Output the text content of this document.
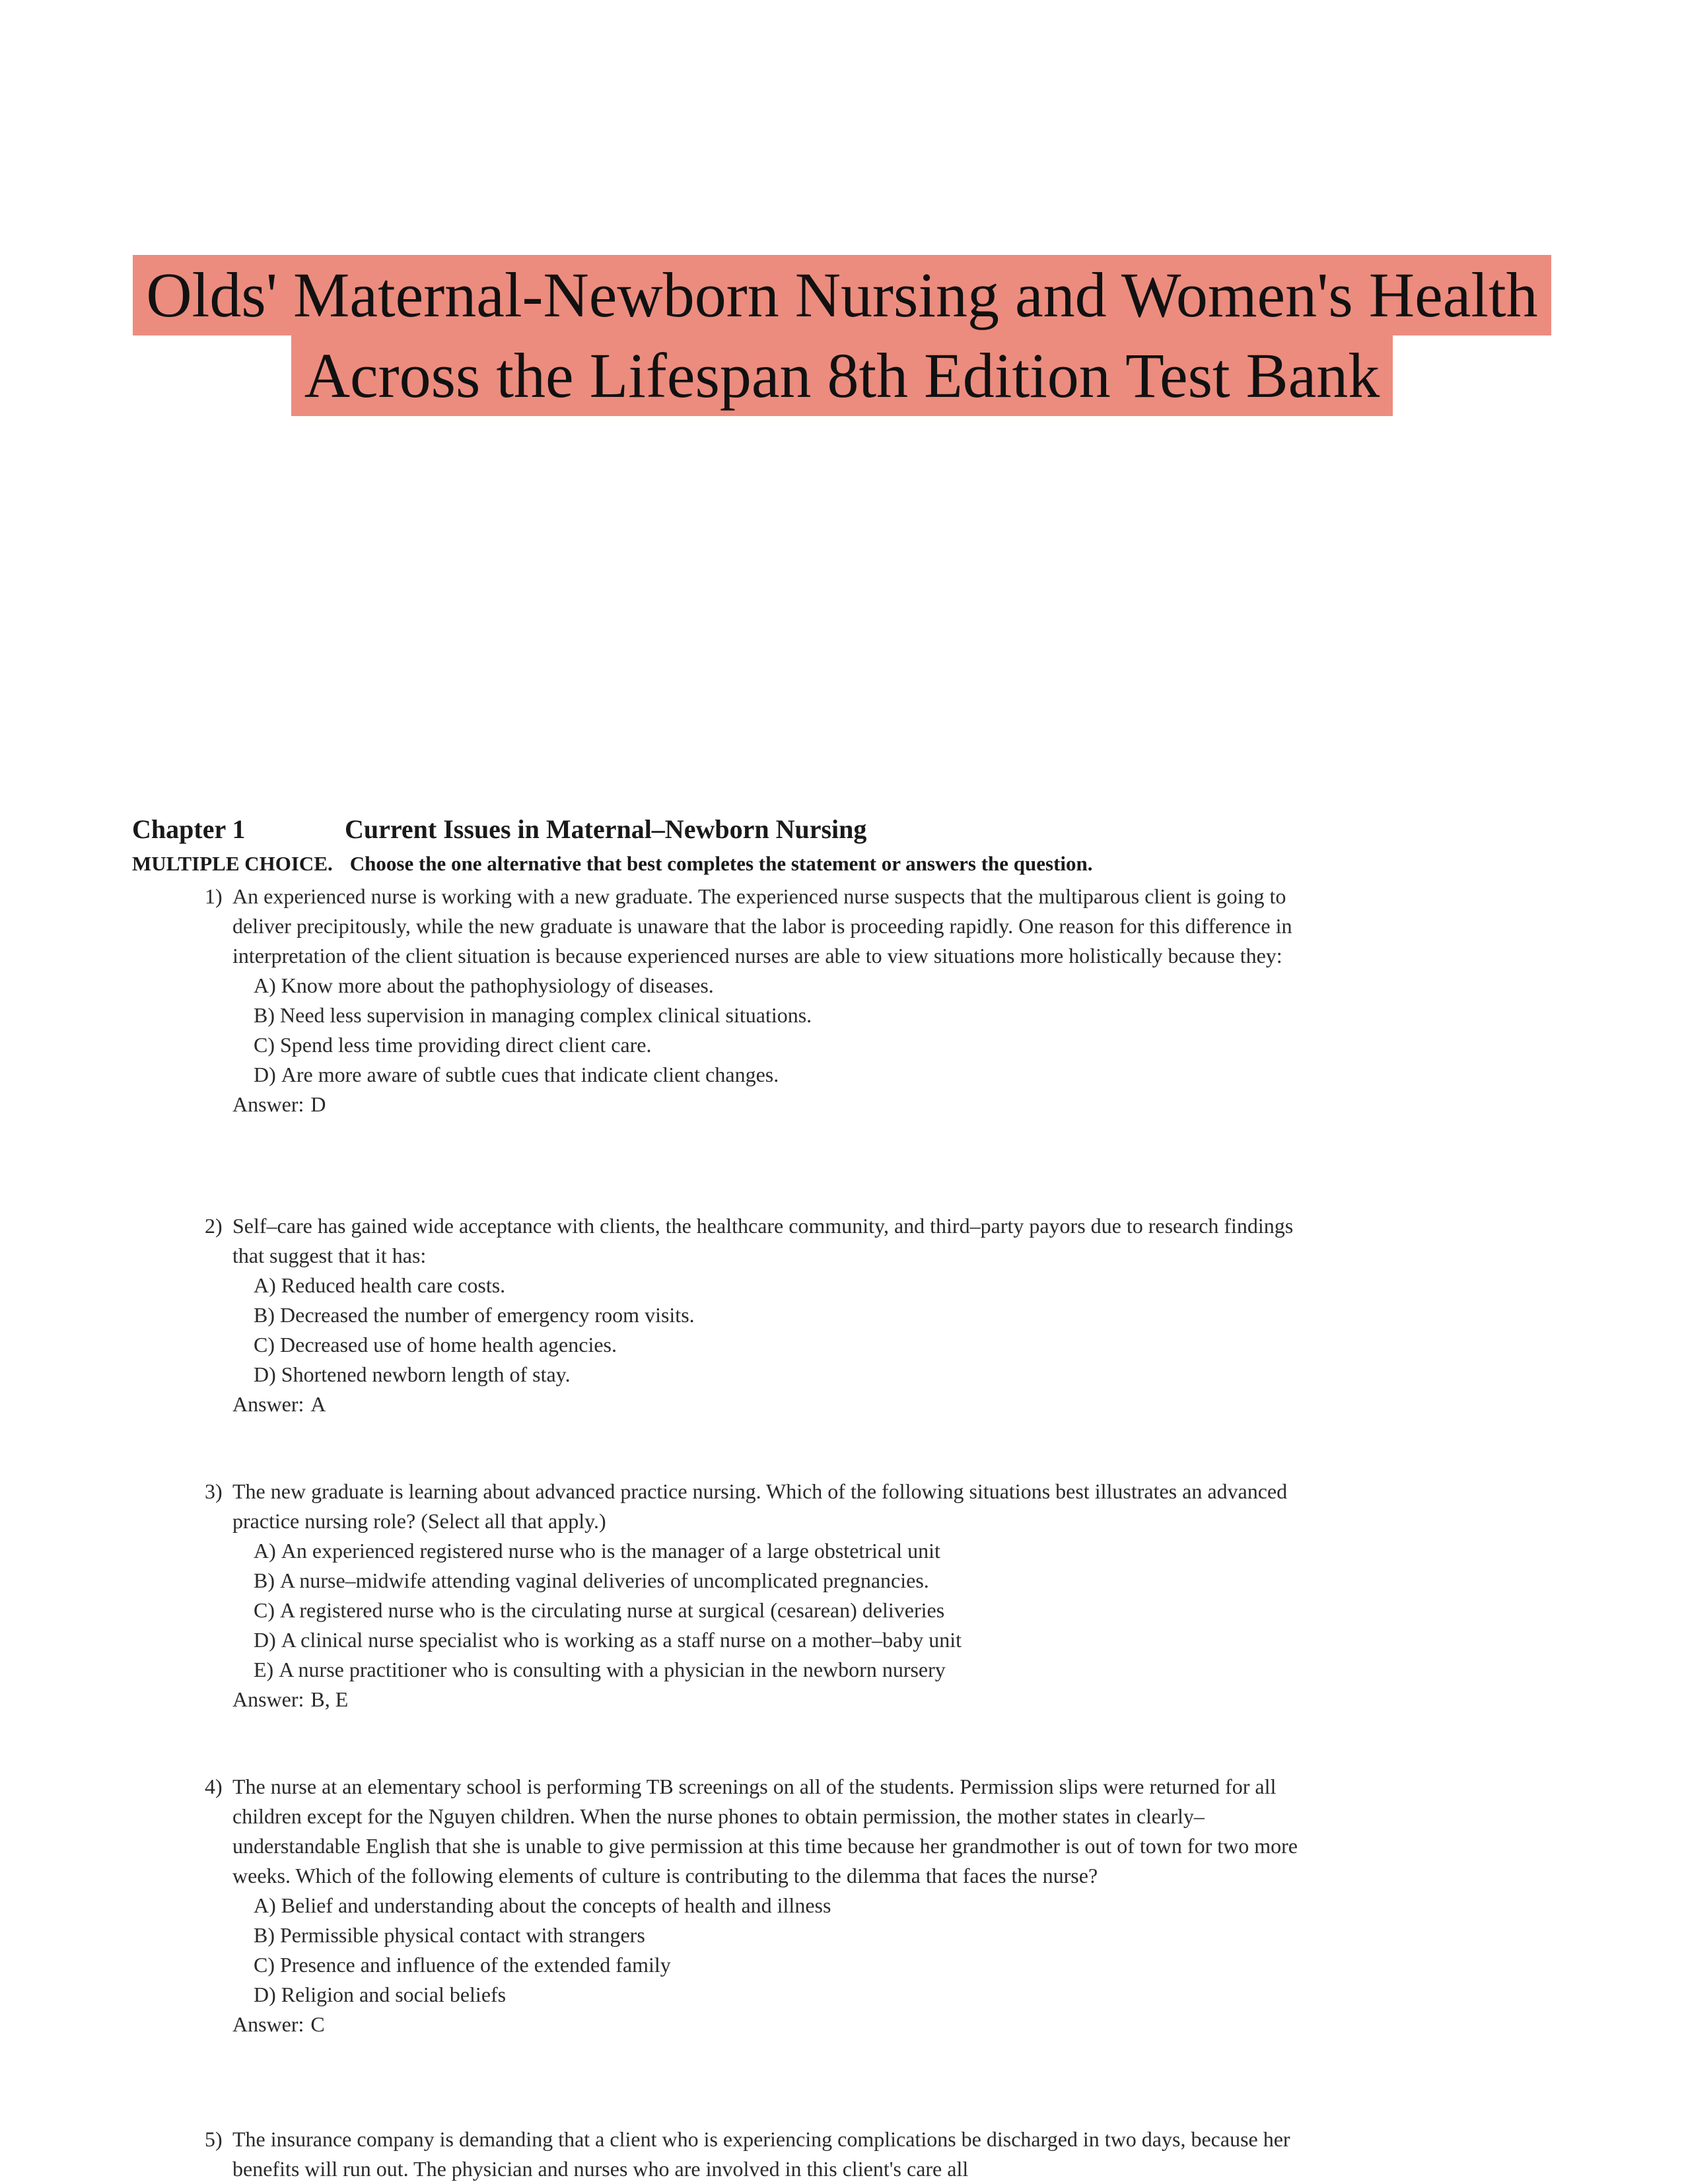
Olds' Maternal-Newborn Nursing and Women's Health
Across the Lifespan 8th Edition Test Bank
Chapter 1	Current Issues in Maternal–Newborn Nursing
MULTIPLE CHOICE. Choose the one alternative that best completes the statement or answers the question.
1) An experienced nurse is working with a new graduate. The experienced nurse suspects that the multiparous client is going to deliver precipitously, while the new graduate is unaware that the labor is proceeding rapidly. One reason for this difference in interpretation of the client situation is because experienced nurses are able to view situations more holistically because they:
A) Know more about the pathophysiology of diseases.
B) Need less supervision in managing complex clinical situations.
C) Spend less time providing direct client care.
D) Are more aware of subtle cues that indicate client changes.
Answer: D
2) Self–care has gained wide acceptance with clients, the healthcare community, and third–party payors due to research findings that suggest that it has:
A) Reduced health care costs.
B) Decreased the number of emergency room visits.
C) Decreased use of home health agencies.
D) Shortened newborn length of stay.
Answer: A
3) The new graduate is learning about advanced practice nursing. Which of the following situations best illustrates an advanced practice nursing role? (Select all that apply.)
A) An experienced registered nurse who is the manager of a large obstetrical unit
B) A nurse–midwife attending vaginal deliveries of uncomplicated pregnancies.
C) A registered nurse who is the circulating nurse at surgical (cesarean) deliveries
D) A clinical nurse specialist who is working as a staff nurse on a mother–baby unit
E) A nurse practitioner who is consulting with a physician in the newborn nursery
Answer: B, E
4) The nurse at an elementary school is performing TB screenings on all of the students. Permission slips were returned for all children except for the Nguyen children. When the nurse phones to obtain permission, the mother states in clearly–understandable English that she is unable to give permission at this time because her grandmother is out of town for two more weeks. Which of the following elements of culture is contributing to the dilemma that faces the nurse?
A) Belief and understanding about the concepts of health and illness
B) Permissible physical contact with strangers
C) Presence and influence of the extended family
D) Religion and social beliefs
Answer: C
5) The insurance company is demanding that a client who is experiencing complications be discharged in two days, because her benefits will run out. The physician and nurses who are involved in this client's care all
